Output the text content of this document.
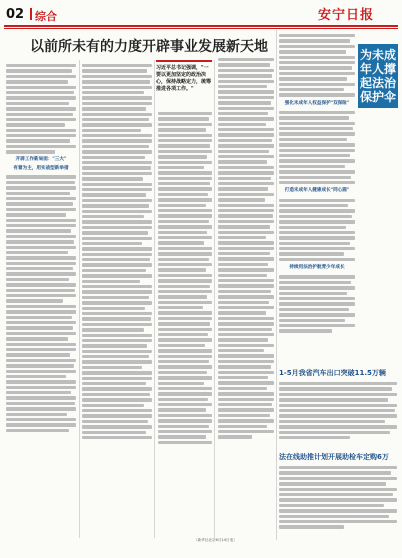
02 综合	安宁日报
以前所未有的力度开辟事业发展新天地

开辟工作新局面："三大"

有着为主，用实战型新举措

习近平总书记强调，"一要以更加坚定的政治决心，保持战略定力，统筹推进各项工作。"
为未成年人撑起法治保护伞

强化未成年人权益保护"双保险"

打造未成年人健康成长"同心圆"

持续用法治护航青少年成长

1-5月我省汽车出口突破11.5万辆
法在线助推计划开展助检车定购6万
（新华社北京6月14日电）
